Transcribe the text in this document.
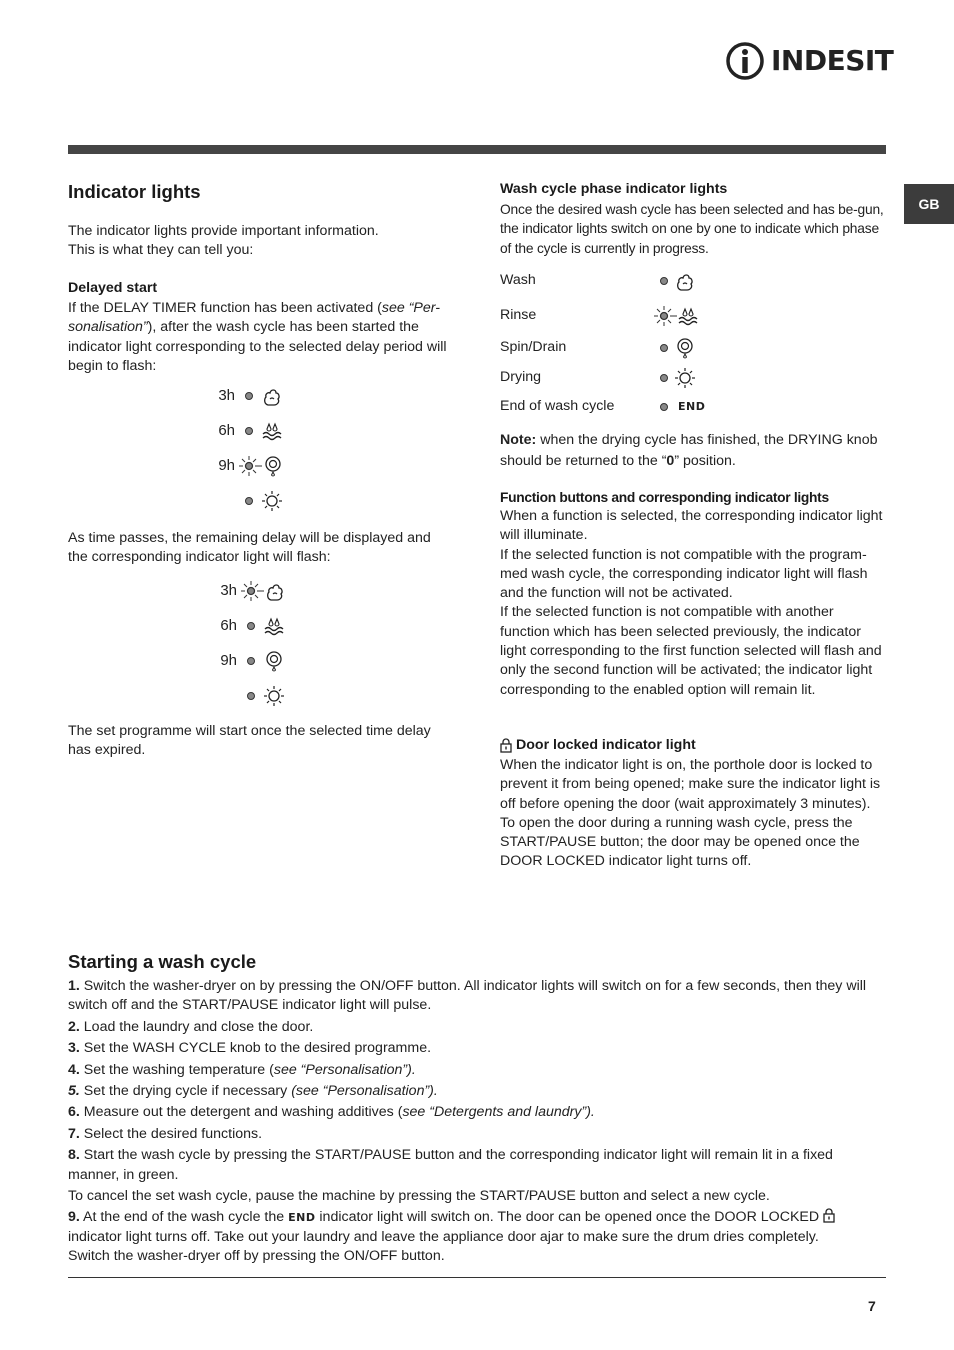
INDESIT
GB
Indicator lights

The indicator lights provide important information.

This is what they can tell you:

Delayed start

If the DELAY TIMER function has been activated (see “Per-sonalisation”), after the wash cycle has been started the indicator light corresponding to the selected delay period will begin to flash:

3h
6h
9h

As time passes, the remaining delay will be displayed and the corresponding indicator light will flash:

3h
6h
9h

The set programme will start once the selected time delay has expired.

Wash cycle phase indicator lights

Once the desired wash cycle has been selected and has be-gun, the indicator lights switch on one by one to indicate which phase of the cycle is currently in progress.

Wash
Rinse
Spin/Drain
Drying
End of wash cycle	END

Note: when the drying cycle has finished, the DRYING knob should be returned to the “0” position.

Function buttons and corresponding indicator lights

When a function is selected, the corresponding indicator light will illuminate.

If the selected function is not compatible with the program-med wash cycle, the corresponding indicator light will flash and the function will not be activated.

If the selected function is not compatible with another function which has been selected previously, the indicator light corresponding to the first function selected will flash and only the second function will be activated; the indicator light corresponding to the enabled option will remain lit.

Door locked indicator light

When the indicator light is on, the porthole door is locked to prevent it from being opened; make sure the indicator light is off before opening the door (wait approximately 3 minutes). To open the door during a running wash cycle, press the START/PAUSE button; the door may be opened once the DOOR LOCKED indicator light turns off.

Starting a wash cycle

1. Switch the washer-dryer on by pressing the ON/OFF button. All indicator lights will switch on for a few seconds, then they will switch off and the START/PAUSE indicator light will pulse.

2. Load the laundry and close the door.

3. Set the WASH CYCLE knob to the desired programme.

4. Set the washing temperature (see “Personalisation”).

5. Set the drying cycle if necessary (see “Personalisation”).

6. Measure out the detergent and washing additives (see “Detergents and laundry”).

7. Select the desired functions.

8. Start the wash cycle by pressing the START/PAUSE button and the corresponding indicator light will remain lit in a fixed manner, in green.

To cancel the set wash cycle, pause the machine by pressing the START/PAUSE button and select a new cycle.

9. At the end of the wash cycle the END indicator light will switch on. The door can be opened once the DOOR LOCKED  indicator light turns off. Take out your laundry and leave the appliance door ajar to make sure the drum dries completely.

Switch the washer-dryer off by pressing the ON/OFF button.

7
